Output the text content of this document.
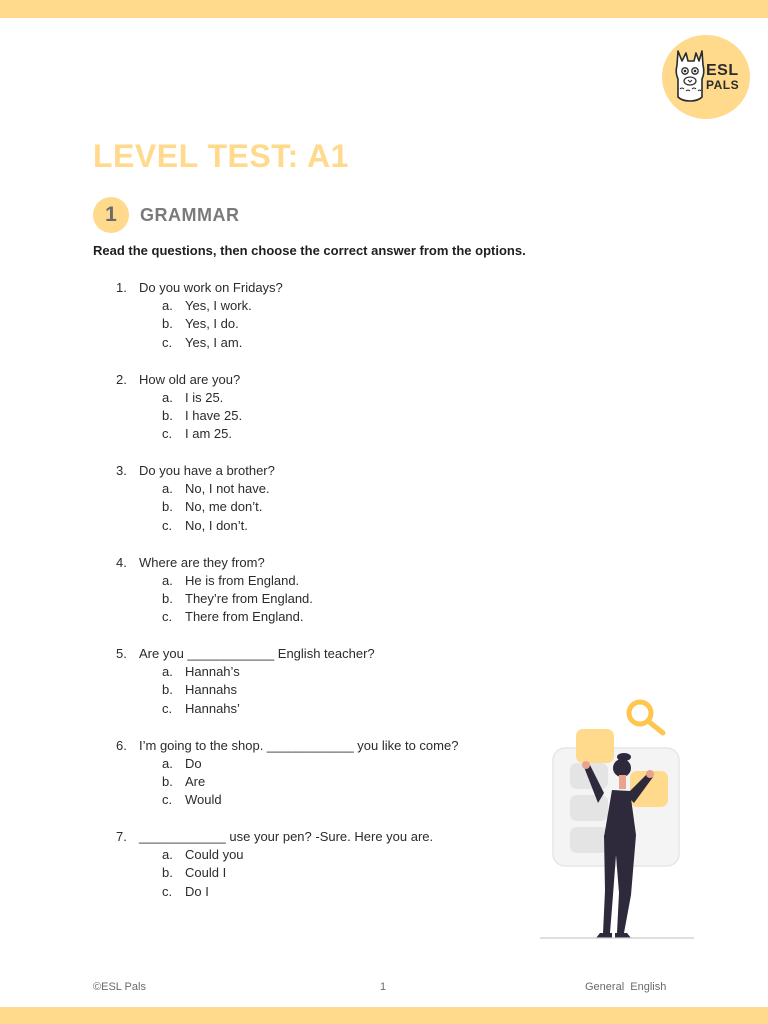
ESL
PALS
LEVEL TEST: A1
1	GRAMMAR
Read the questions, then choose the correct answer from the options.
1. Do you work on Fridays?
a. Yes, I work.
b. Yes, I do.
c. Yes, I am.
2. How old are you?
a. I is 25.
b. I have 25.
c. I am 25.
3. Do you have a brother?
a. No, I not have.
b. No, me don’t.
c. No, I don’t.
4. Where are they from?
a. He is from England.
b. They’re from England.
c. There from England.
5. Are you ____________ English teacher?
a. Hannah’s
b. Hannahs
c. Hannahs’
6. I’m going to the shop. ____________ you like to come?
a. Do
b. Are
c. Would
7. ____________ use your pen? -Sure. Here you are.
a. Could you
b. Could I
c. Do I
©ESL Pals	1	General  English
